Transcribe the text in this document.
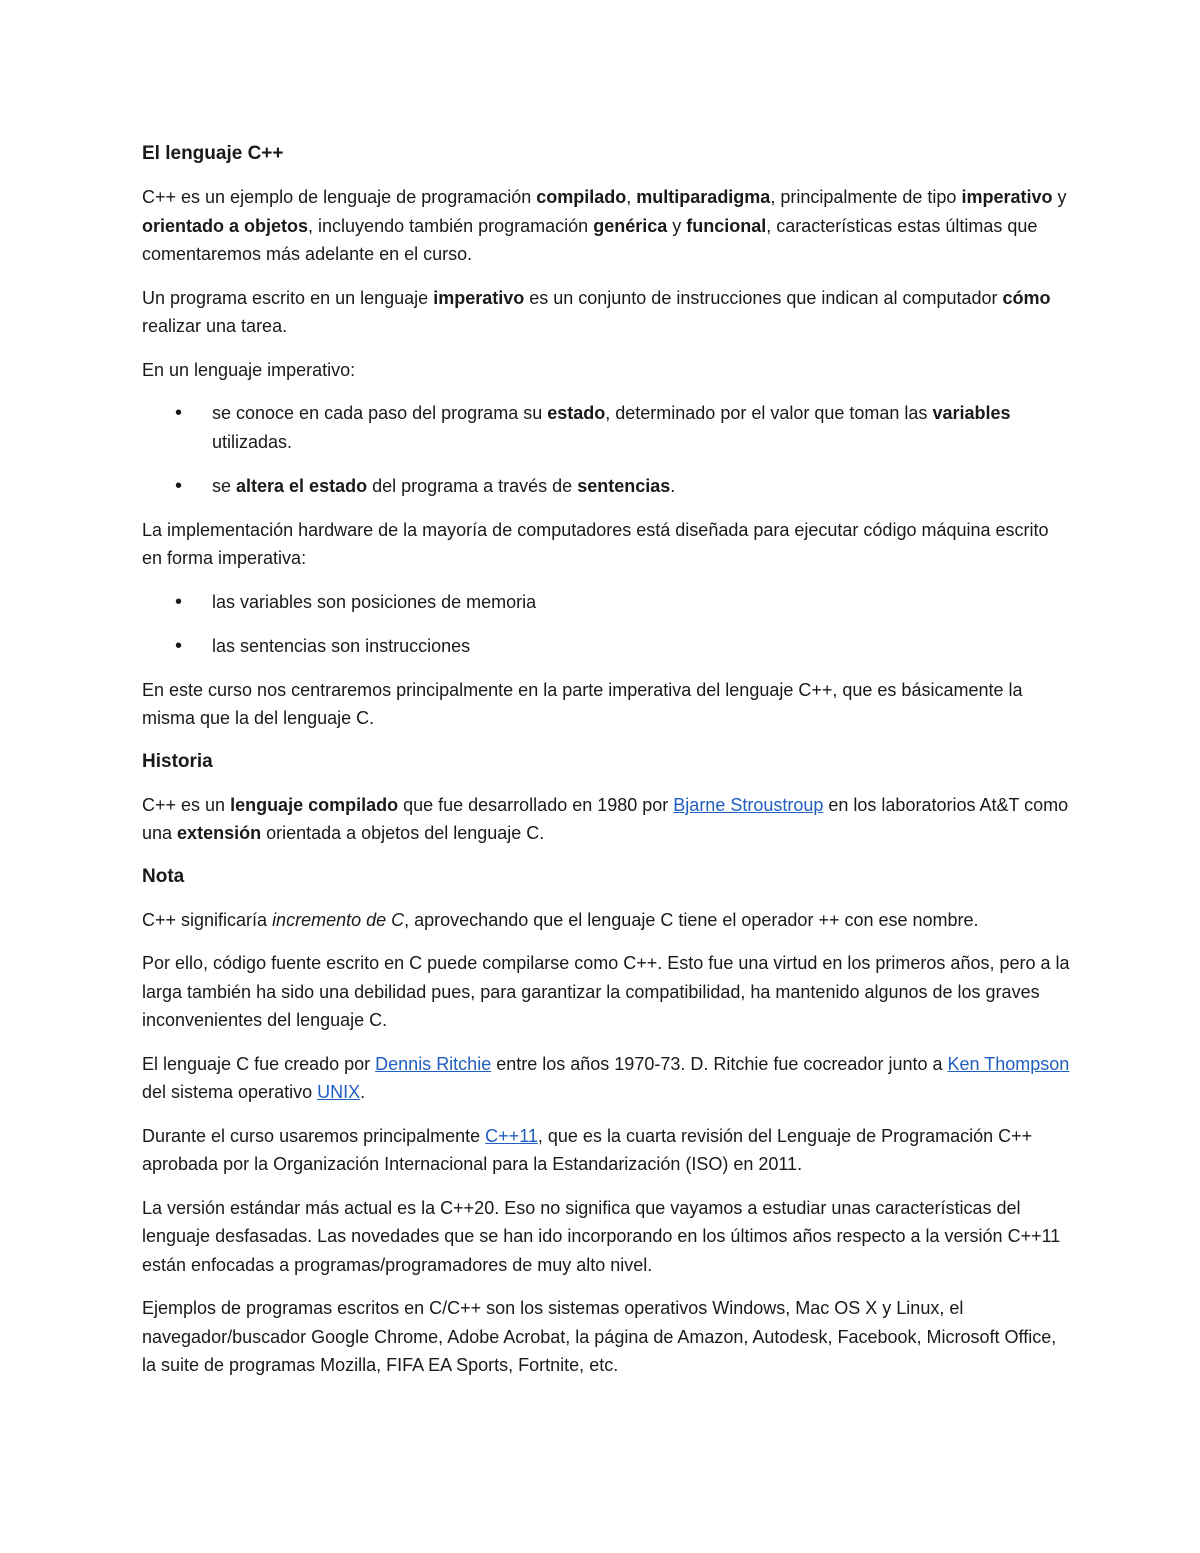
El lenguaje C++

C++ es un ejemplo de lenguaje de programación compilado, multiparadigma, principalmente de tipo imperativo y orientado a objetos, incluyendo también programación genérica y funcional, características estas últimas que comentaremos más adelante en el curso.

Un programa escrito en un lenguaje imperativo es un conjunto de instrucciones que indican al computador cómo realizar una tarea.

En un lenguaje imperativo:

• se conoce en cada paso del programa su estado, determinado por el valor que toman las variables utilizadas.
• se altera el estado del programa a través de sentencias.

La implementación hardware de la mayoría de computadores está diseñada para ejecutar código máquina escrito en forma imperativa:

• las variables son posiciones de memoria
• las sentencias son instrucciones

En este curso nos centraremos principalmente en la parte imperativa del lenguaje C++, que es básicamente la misma que la del lenguaje C.

Historia

C++ es un lenguaje compilado que fue desarrollado en 1980 por Bjarne Stroustroup en los laboratorios At&T como una extensión orientada a objetos del lenguaje C.

Nota

C++ significaría incremento de C, aprovechando que el lenguaje C tiene el operador ++ con ese nombre.

Por ello, código fuente escrito en C puede compilarse como C++. Esto fue una virtud en los primeros años, pero a la larga también ha sido una debilidad pues, para garantizar la compatibilidad, ha mantenido algunos de los graves inconvenientes del lenguaje C.

El lenguaje C fue creado por Dennis Ritchie entre los años 1970-73. D. Ritchie fue cocreador junto a Ken Thompson del sistema operativo UNIX.

Durante el curso usaremos principalmente C++11, que es la cuarta revisión del Lenguaje de Programación C++ aprobada por la Organización Internacional para la Estandarización (ISO) en 2011.

La versión estándar más actual es la C++20. Eso no significa que vayamos a estudiar unas características del lenguaje desfasadas. Las novedades que se han ido incorporando en los últimos años respecto a la versión C++11 están enfocadas a programas/programadores de muy alto nivel.

Ejemplos de programas escritos en C/C++ son los sistemas operativos Windows, Mac OS X y Linux, el navegador/buscador Google Chrome, Adobe Acrobat, la página de Amazon, Autodesk, Facebook, Microsoft Office, la suite de programas Mozilla, FIFA EA Sports, Fortnite, etc.
